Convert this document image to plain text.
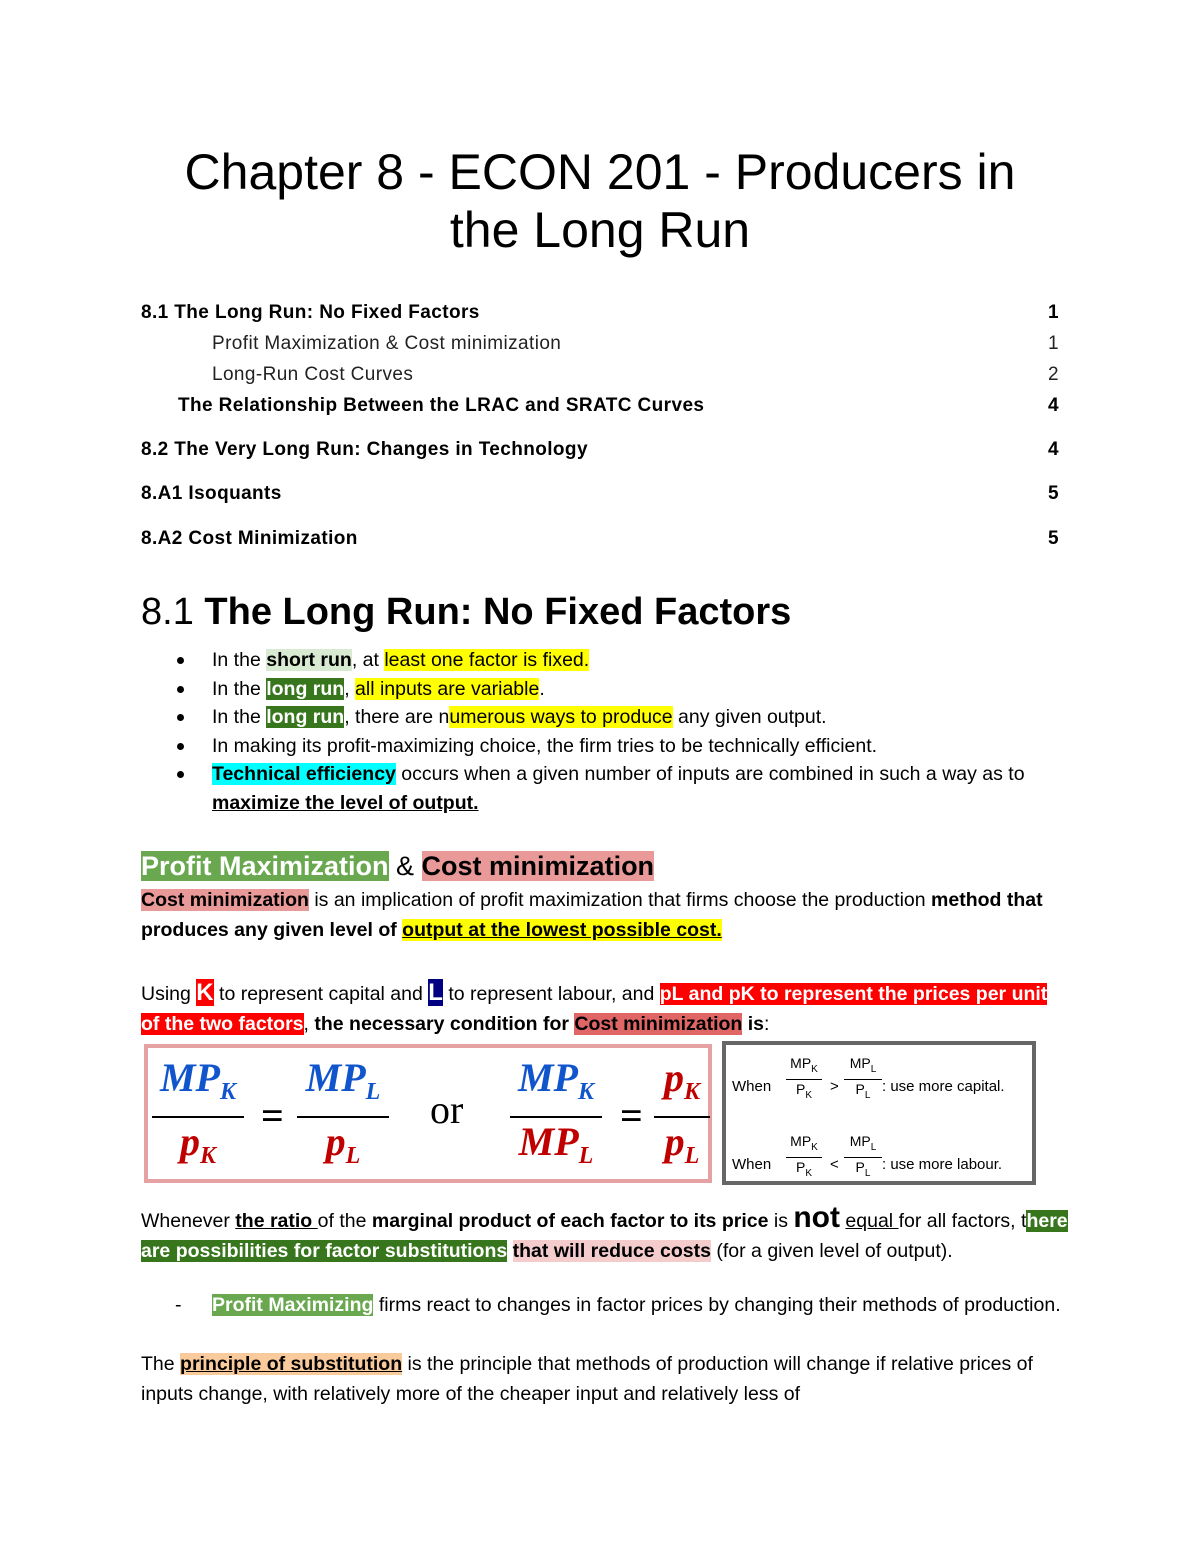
Chapter 8 - ECON 201 - Producers in
the Long Run
8.1 The Long Run: No Fixed Factors	1
Profit Maximization & Cost minimization	1
Long-Run Cost Curves	2
The Relationship Between the LRAC and SRATC Curves	4
8.2 The Very Long Run: Changes in Technology	4
8.A1 Isoquants	5
8.A2 Cost Minimization	5
8.1 The Long Run: No Fixed Factors
In the short run, at least one factor is fixed.
In the long run, all inputs are variable.
In the long run, there are numerous ways to produce any given output.
In making its profit-maximizing choice, the firm tries to be technically efficient.
Technical efficiency occurs when a given number of inputs are combined in such a way as to maximize the level of output.
Profit Maximization & Cost minimization

Cost minimization is an implication of profit maximization that firms choose the production method that produces any given level of output at the lowest possible cost.

Using K to represent capital and L to represent labour, and pL and pK to represent the prices per unit of the two factors, the necessary condition for Cost minimization is:

$MP_K$
$p_K$
=
$MP_L$
$p_L$
or
$MP_K$
$MP_L$
=
$p_K$
$p_L$
When
$MP_K$
$P_K$
>
$MP_L$
$P_L$
: use more capital.
When
$MP_K$
$P_K$
<
$MP_L$
$P_L$
: use more labour.

Whenever the ratio of the marginal product of each factor to its price is not equal for all factors, there are possibilities for factor substitutions that will reduce costs (for a given level of output).

-	Profit Maximizing firms react to changes in factor prices by changing their methods of production.

The principle of substitution is the principle that methods of production will change if relative prices of inputs change, with relatively more of the cheaper input and relatively less of
